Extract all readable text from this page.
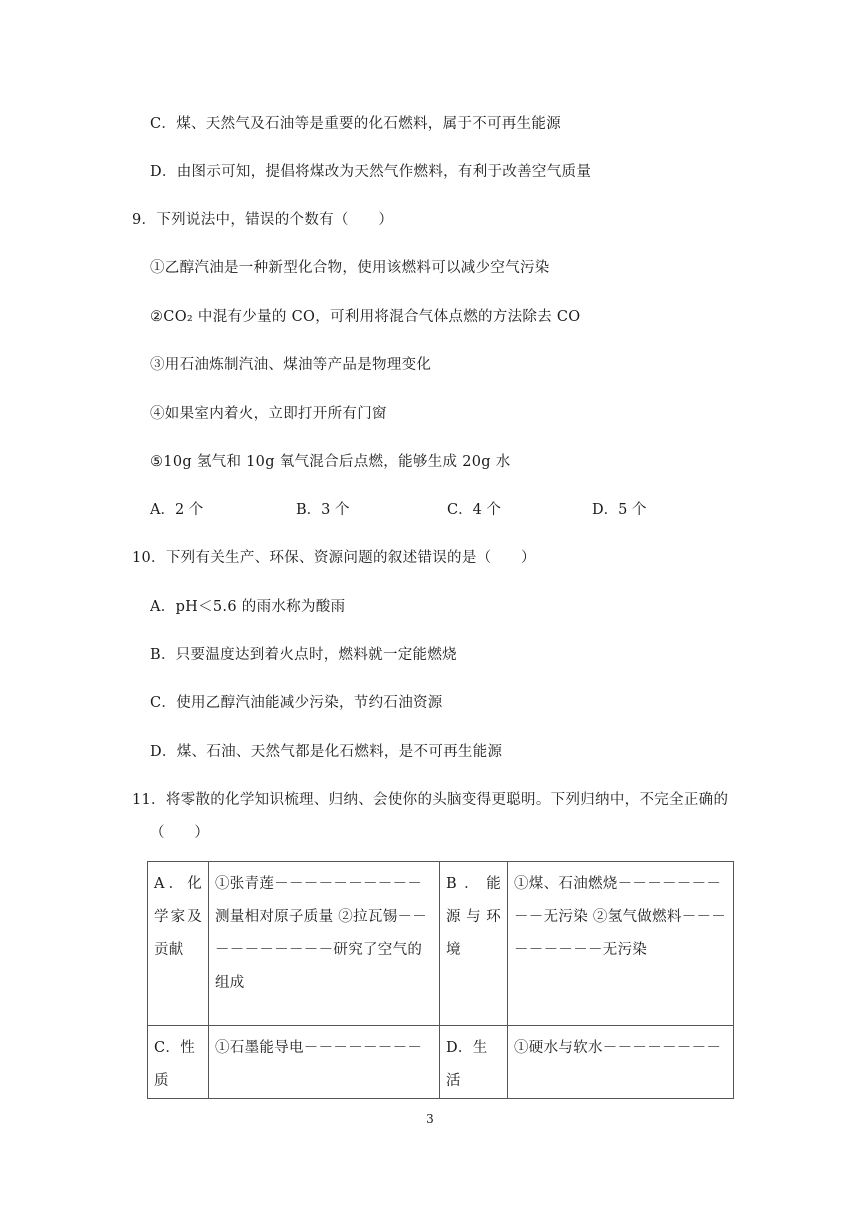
C．煤、天然气及石油等是重要的化石燃料，属于不可再生能源
D．由图示可知，提倡将煤改为天然气作燃料，有利于改善空气质量
9．下列说法中，错误的个数有（　　）
①乙醇汽油是一种新型化合物，使用该燃料可以减少空气污染
②CO₂ 中混有少量的 CO，可利用将混合气体点燃的方法除去 CO
③用石油炼制汽油、煤油等产品是物理变化
④如果室内着火，立即打开所有门窗
⑤10g 氢气和 10g 氧气混合后点燃，能够生成 20g 水
A．2 个	B．3 个	C．4 个	D．5 个
10．下列有关生产、环保、资源问题的叙述错误的是（　　）
A．pH＜5.6 的雨水称为酸雨
B．只要温度达到着火点时，燃料就一定能燃烧
C．使用乙醇汽油能减少污染，节约石油资源
D．煤、石油、天然气都是化石燃料，是不可再生能源
11．将零散的化学知识梳理、归纳、会使你的头脑变得更聪明。下列归纳中，不完全正确的
（　　）
A．化学家及贡献	①张青莲－－－－－－－－－－测量相对原子质量 ②拉瓦锡－－－－－－－－－－研究了空气的组成	B．能源与环境	①煤、石油燃烧－－－－－－－－－无污染 ②氢气做燃料－－－－－－－－－无污染
C．性质	①石墨能导电－－－－－－－－	D．生活	①硬水与软水－－－－－－－－
3
